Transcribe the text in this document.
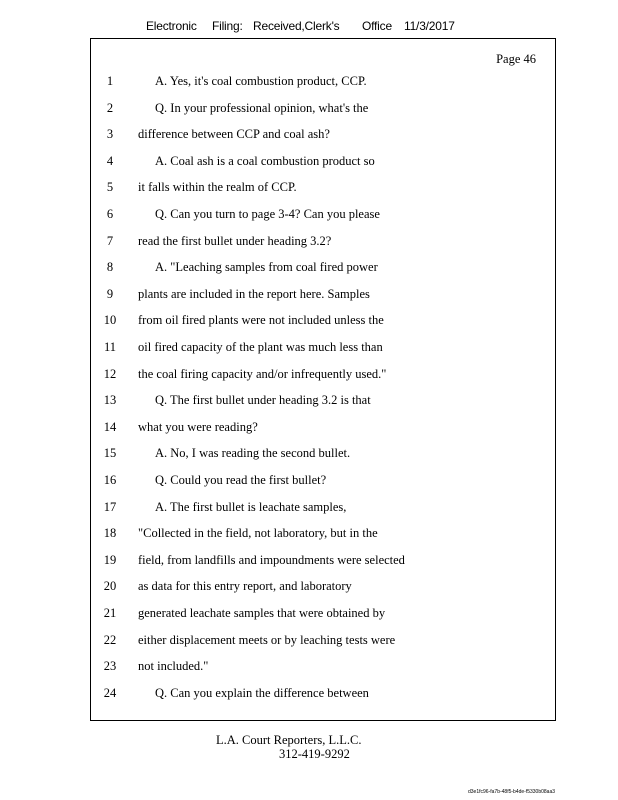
Electronic Filing: Received,Clerk's Office 11/3/2017
Page 46
1	A. Yes, it's coal combustion product, CCP.
2	Q. In your professional opinion, what's the
3	difference between CCP and coal ash?
4	A. Coal ash is a coal combustion product so
5	it falls within the realm of CCP.
6	Q. Can you turn to page 3-4? Can you please
7	read the first bullet under heading 3.2?
8	A. "Leaching samples from coal fired power
9	plants are included in the report here. Samples
10	from oil fired plants were not included unless the
11	oil fired capacity of the plant was much less than
12	the coal firing capacity and/or infrequently used."
13	Q. The first bullet under heading 3.2 is that
14	what you were reading?
15	A. No, I was reading the second bullet.
16	Q. Could you read the first bullet?
17	A. The first bullet is leachate samples,
18	"Collected in the field, not laboratory, but in the
19	field, from landfills and impoundments were selected
20	as data for this entry report, and laboratory
21	generated leachate samples that were obtained by
22	either displacement meets or by leaching tests were
23	not included."
24	Q. Can you explain the difference between
L.A. Court Reporters, L.L.C.
312-419-9292
d3e1fc96-fa7b-48f5-b4de-f5330b08aa3
